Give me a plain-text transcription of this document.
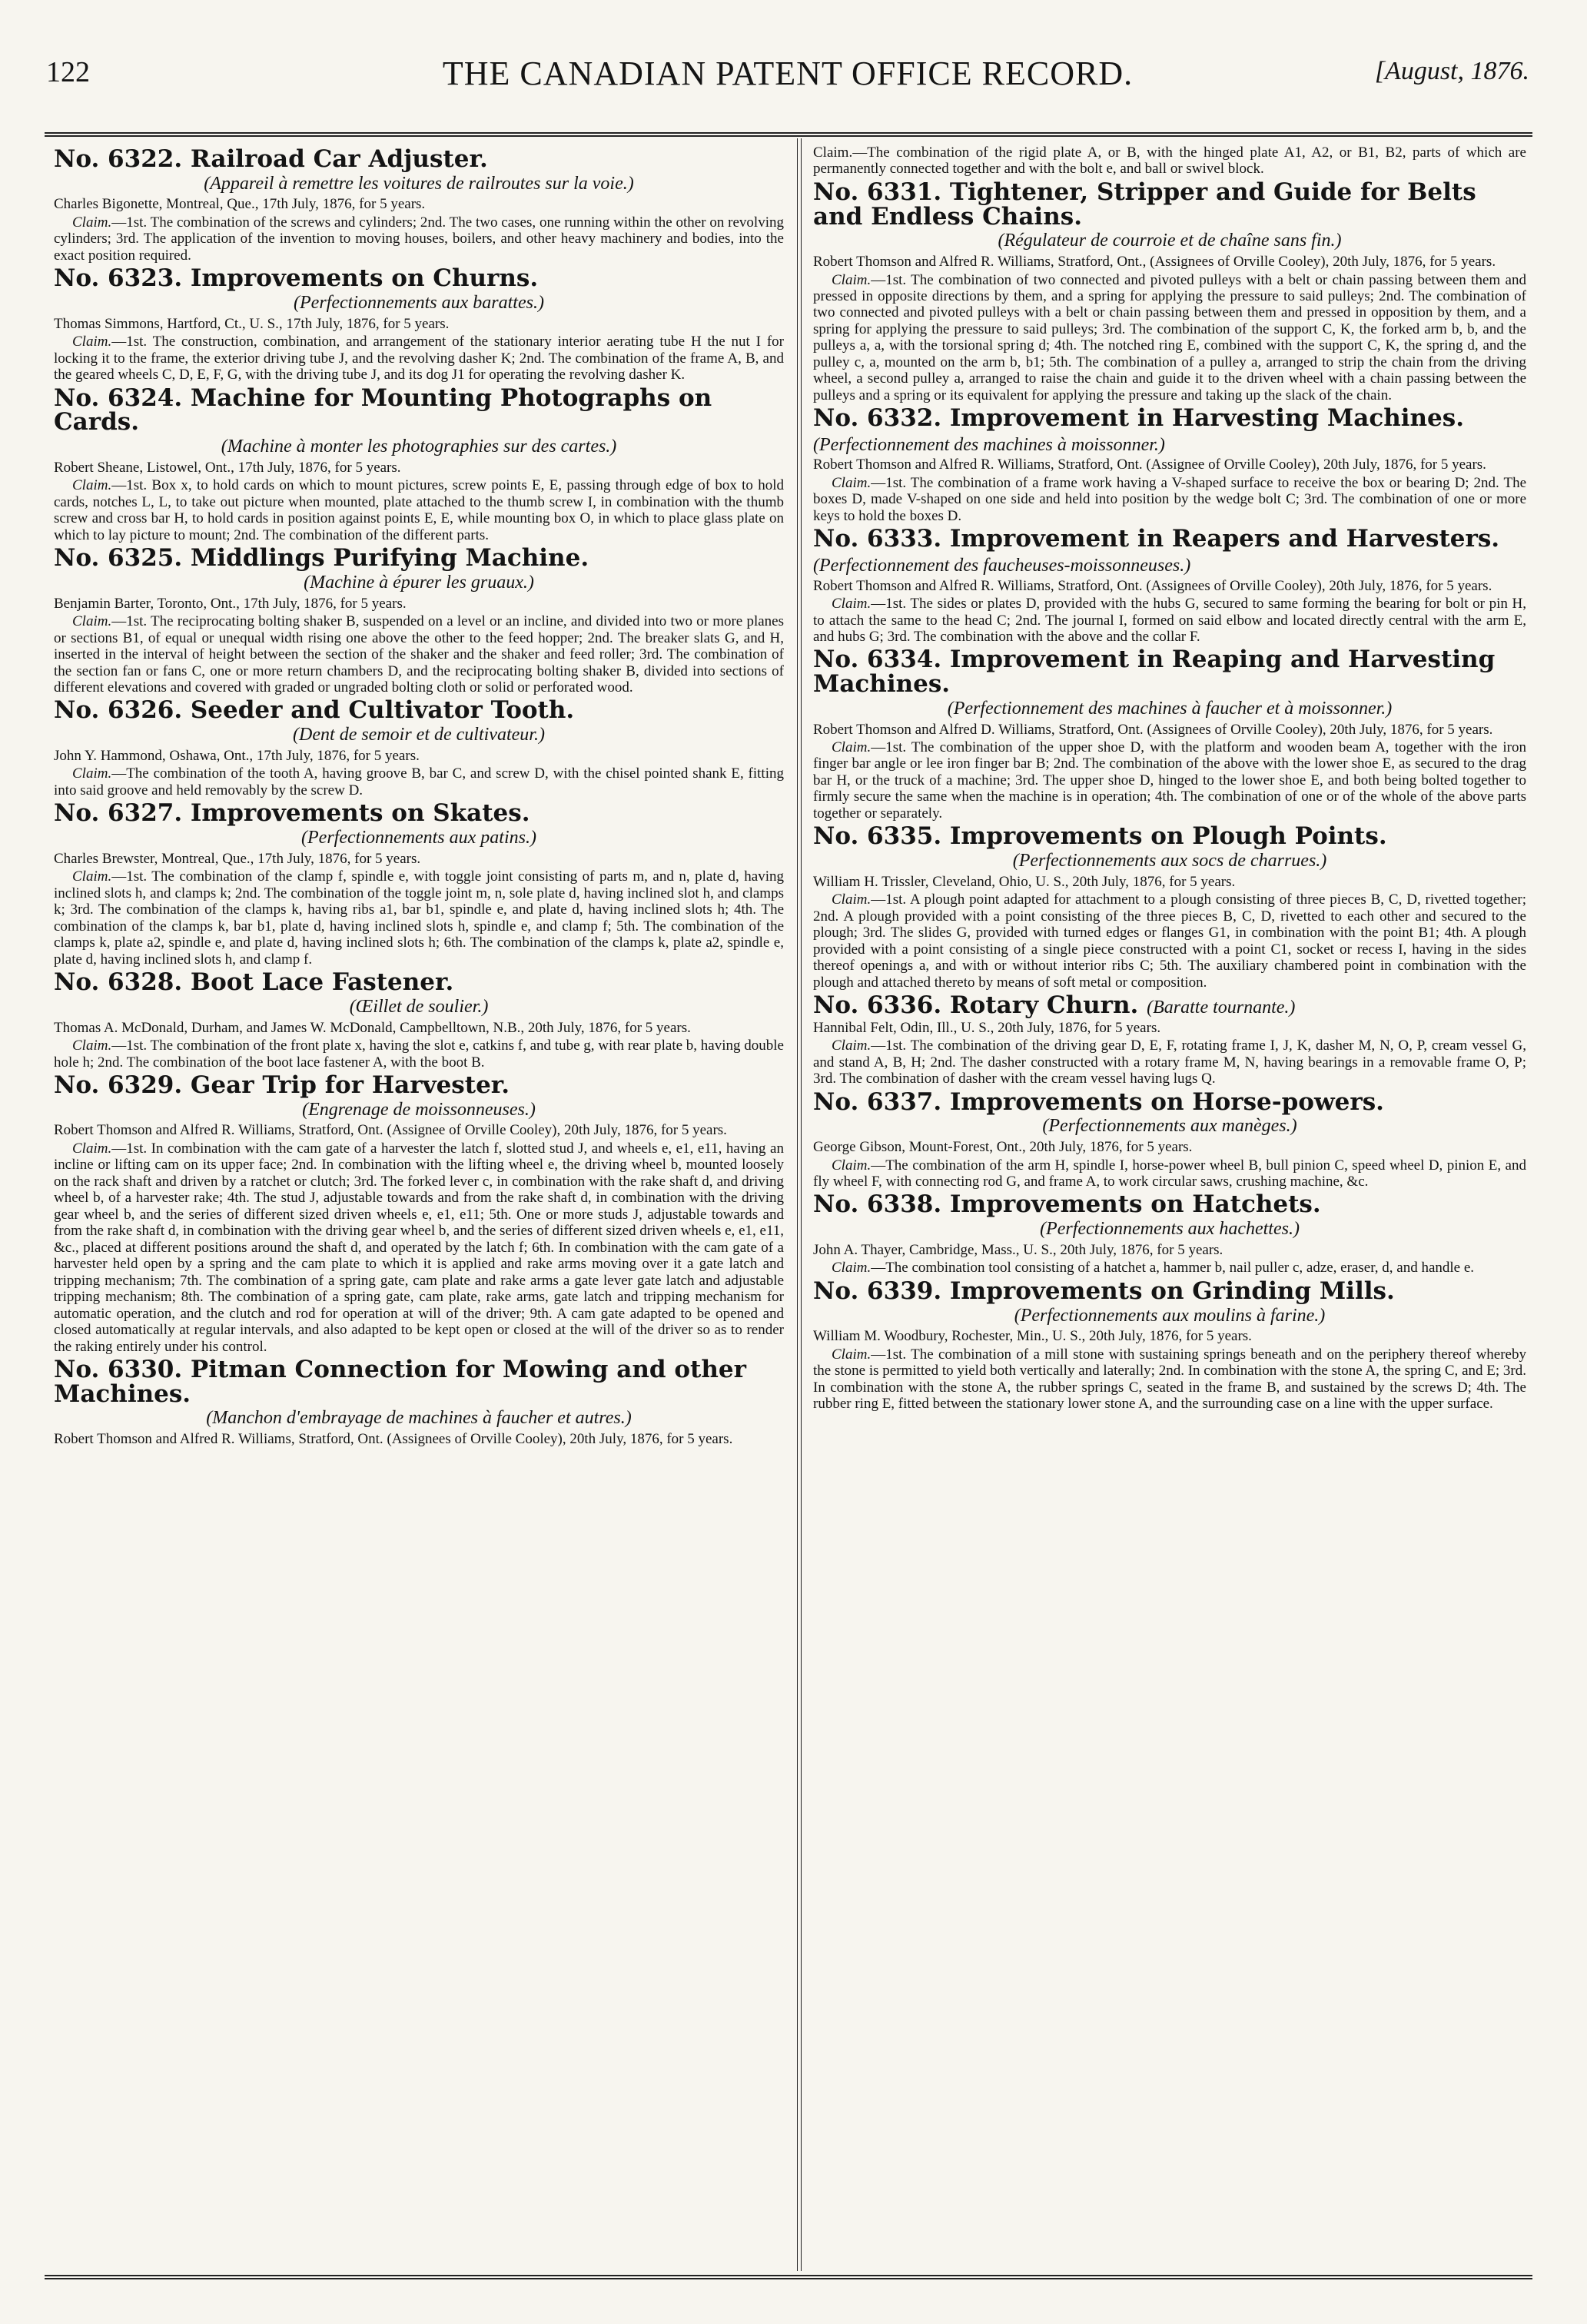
122	THE CANADIAN PATENT OFFICE RECORD.	[August, 1876.
No. 6322. Railroad Car Adjuster.
(Appareil à remettre les voitures de railroutes sur la voie.)

Charles Bigonette, Montreal, Que., 17th July, 1876, for 5 years.

Claim.—1st. The combination of the screws and cylinders; 2nd. The two cases, one running within the other on revolving cylinders; 3rd. The application of the invention to moving houses, boilers, and other heavy machinery and bodies, into the exact position required.

No. 6323. Improvements on Churns.
(Perfectionnements aux barattes.)

Thomas Simmons, Hartford, Ct., U. S., 17th July, 1876, for 5 years.

Claim.—1st. The construction, combination, and arrangement of the stationary interior aerating tube H the nut I for locking it to the frame, the exterior driving tube J, and the revolving dasher K; 2nd. The combination of the frame A, B, and the geared wheels C, D, E, F, G, with the driving tube J, and its dog J1 for operating the revolving dasher K.

No. 6324. Machine for Mounting Photographs on Cards.
(Machine à monter les photographies sur des cartes.)

Robert Sheane, Listowel, Ont., 17th July, 1876, for 5 years.

Claim.—1st. Box x, to hold cards on which to mount pictures, screw points E, E, passing through edge of box to hold cards, notches L, L, to take out picture when mounted, plate attached to the thumb screw I, in combination with the thumb screw and cross bar H, to hold cards in position against points E, E, while mounting box O, in which to place glass plate on which to lay picture to mount; 2nd. The combination of the different parts.

No. 6325. Middlings Purifying Machine.
(Machine à épurer les gruaux.)

Benjamin Barter, Toronto, Ont., 17th July, 1876, for 5 years.

Claim.—1st. The reciprocating bolting shaker B, suspended on a level or an incline, and divided into two or more planes or sections B1, of equal or unequal width rising one above the other to the feed hopper; 2nd. The breaker slats G, and H, inserted in the interval of height between the section of the shaker and the shaker and feed roller; 3rd. The combination of the section fan or fans C, one or more return chambers D, and the reciprocating bolting shaker B, divided into sections of different elevations and covered with graded or ungraded bolting cloth or solid or perforated wood.

No. 6326. Seeder and Cultivator Tooth.
(Dent de semoir et de cultivateur.)

John Y. Hammond, Oshawa, Ont., 17th July, 1876, for 5 years.

Claim.—The combination of the tooth A, having groove B, bar C, and screw D, with the chisel pointed shank E, fitting into said groove and held removably by the screw D.

No. 6327. Improvements on Skates.
(Perfectionnements aux patins.)

Charles Brewster, Montreal, Que., 17th July, 1876, for 5 years.

Claim.—1st. The combination of the clamp f, spindle e, with toggle joint consisting of parts m, and n, plate d, having inclined slots h, and clamps k; 2nd. The combination of the toggle joint m, n, sole plate d, having inclined slot h, and clamps k; 3rd. The combination of the clamps k, having ribs a1, bar b1, spindle e, and plate d, having inclined slots h; 4th. The combination of the clamps k, bar b1, plate d, having inclined slots h, spindle e, and clamp f; 5th. The combination of the clamps k, plate a2, spindle e, and plate d, having inclined slots h; 6th. The combination of the clamps k, plate a2, spindle e, plate d, having inclined slots h, and clamp f.

No. 6328. Boot Lace Fastener.
(Œillet de soulier.)

Thomas A. McDonald, Durham, and James W. McDonald, Campbelltown, N.B., 20th July, 1876, for 5 years.

Claim.—1st. The combination of the front plate x, having the slot e, catkins f, and tube g, with rear plate b, having double hole h; 2nd. The combination of the boot lace fastener A, with the boot B.

No. 6329. Gear Trip for Harvester.
(Engrenage de moissonneuses.)

Robert Thomson and Alfred R. Williams, Stratford, Ont. (Assignee of Orville Cooley), 20th July, 1876, for 5 years.

Claim.—1st. In combination with the cam gate of a harvester the latch f, slotted stud J, and wheels e, e1, e11, having an incline or lifting cam on its upper face; 2nd. In combination with the lifting wheel e, the driving wheel b, mounted loosely on the rack shaft and driven by a ratchet or clutch; 3rd. The forked lever c, in combination with the rake shaft d, and driving wheel b, of a harvester rake; 4th. The stud J, adjustable towards and from the rake shaft d, in combination with the driving gear wheel b, and the series of different sized driven wheels e, e1, e11; 5th. One or more studs J, adjustable towards and from the rake shaft d, in combination with the driving gear wheel b, and the series of different sized driven wheels e, e1, e11, &c., placed at different positions around the shaft d, and operated by the latch f; 6th. In combination with the cam gate of a harvester held open by a spring and the cam plate to which it is applied and rake arms moving over it a gate latch and tripping mechanism; 7th. The combination of a spring gate, cam plate and rake arms a gate lever gate latch and adjustable tripping mechanism; 8th. The combination of a spring gate, cam plate, rake arms, gate latch and tripping mechanism for automatic operation, and the clutch and rod for operation at will of the driver; 9th. A cam gate adapted to be opened and closed automatically at regular intervals, and also adapted to be kept open or closed at the will of the driver so as to render the raking entirely under his control.

No. 6330. Pitman Connection for Mowing and other Machines.
(Manchon d'embrayage de machines à faucher et autres.)

Robert Thomson and Alfred R. Williams, Stratford, Ont. (Assignees of Orville Cooley), 20th July, 1876, for 5 years.

Claim.—The combination of the rigid plate A, or B, with the hinged plate A1, A2, or B1, B2, parts of which are permanently connected together and with the bolt e, and ball or swivel block.

No. 6331. Tightener, Stripper and Guide for Belts and Endless Chains.
(Régulateur de courroie et de chaîne sans fin.)

Robert Thomson and Alfred R. Williams, Stratford, Ont., (Assignees of Orville Cooley), 20th July, 1876, for 5 years.

Claim.—1st. The combination of two connected and pivoted pulleys with a belt or chain passing between them and pressed in opposite directions by them, and a spring for applying the pressure to said pulleys; 2nd. The combination of two connected and pivoted pulleys with a belt or chain passing between them and pressed in opposition by them, and a spring for applying the pressure to said pulleys; 3rd. The combination of the support C, K, the forked arm b, b, and the pulleys a, a, with the torsional spring d; 4th. The notched ring E, combined with the support C, K, the spring d, and the pulley c, a, mounted on the arm b, b1; 5th. The combination of a pulley a, arranged to strip the chain from the driving wheel, a second pulley a, arranged to raise the chain and guide it to the driven wheel with a chain passing between the pulleys and a spring or its equivalent for applying the pressure and taking up the slack of the chain.

No. 6332. Improvement in Harvesting Machines. (Perfectionnement des machines à moissonner.)

Robert Thomson and Alfred R. Williams, Stratford, Ont. (Assignee of Orville Cooley), 20th July, 1876, for 5 years.

Claim.—1st. The combination of a frame work having a V-shaped surface to receive the box or bearing D; 2nd. The boxes D, made V-shaped on one side and held into position by the wedge bolt C; 3rd. The combination of one or more keys to hold the boxes D.

No. 6333. Improvement in Reapers and Harvesters. (Perfectionnement des faucheuses-moissonneuses.)

Robert Thomson and Alfred R. Williams, Stratford, Ont. (Assignees of Orville Cooley), 20th July, 1876, for 5 years.

Claim.—1st. The sides or plates D, provided with the hubs G, secured to same forming the bearing for bolt or pin H, to attach the same to the head C; 2nd. The journal I, formed on said elbow and located directly central with the arm E, and hubs G; 3rd. The combination with the above and the collar F.

No. 6334. Improvement in Reaping and Harvesting Machines.
(Perfectionnement des machines à faucher et à moissonner.)

Robert Thomson and Alfred D. Williams, Stratford, Ont. (Assignees of Orville Cooley), 20th July, 1876, for 5 years.

Claim.—1st. The combination of the upper shoe D, with the platform and wooden beam A, together with the iron finger bar angle or lee iron finger bar B; 2nd. The combination of the above with the lower shoe E, as secured to the drag bar H, or the truck of a machine; 3rd. The upper shoe D, hinged to the lower shoe E, and both being bolted together to firmly secure the same when the machine is in operation; 4th. The combination of one or of the whole of the above parts together or separately.

No. 6335. Improvements on Plough Points.
(Perfectionnements aux socs de charrues.)

William H. Trissler, Cleveland, Ohio, U. S., 20th July, 1876, for 5 years.

Claim.—1st. A plough point adapted for attachment to a plough consisting of three pieces B, C, D, rivetted together; 2nd. A plough provided with a point consisting of the three pieces B, C, D, rivetted to each other and secured to the plough; 3rd. The slides G, provided with turned edges or flanges G1, in combination with the point B1; 4th. A plough provided with a point consisting of a single piece constructed with a point C1, socket or recess I, having in the sides thereof openings a, and with or without interior ribs C; 5th. The auxiliary chambered point in combination with the plough and attached thereto by means of soft metal or composition.

No. 6336. Rotary Churn. (Baratte tournante.)

Hannibal Felt, Odin, Ill., U. S., 20th July, 1876, for 5 years.

Claim.—1st. The combination of the driving gear D, E, F, rotating frame I, J, K, dasher M, N, O, P, cream vessel G, and stand A, B, H; 2nd. The dasher constructed with a rotary frame M, N, having bearings in a removable frame O, P; 3rd. The combination of dasher with the cream vessel having lugs Q.

No. 6337. Improvements on Horse-powers.
(Perfectionnements aux manèges.)

George Gibson, Mount-Forest, Ont., 20th July, 1876, for 5 years.

Claim.—The combination of the arm H, spindle I, horse-power wheel B, bull pinion C, speed wheel D, pinion E, and fly wheel F, with connecting rod G, and frame A, to work circular saws, crushing machine, &c.

No. 6338. Improvements on Hatchets.
(Perfectionnements aux hachettes.)

John A. Thayer, Cambridge, Mass., U. S., 20th July, 1876, for 5 years.

Claim.—The combination tool consisting of a hatchet a, hammer b, nail puller c, adze, eraser, d, and handle e.

No. 6339. Improvements on Grinding Mills.
(Perfectionnements aux moulins à farine.)

William M. Woodbury, Rochester, Min., U. S., 20th July, 1876, for 5 years.

Claim.—1st. The combination of a mill stone with sustaining springs beneath and on the periphery thereof whereby the stone is permitted to yield both vertically and laterally; 2nd. In combination with the stone A, the spring C, and E; 3rd. In combination with the stone A, the rubber springs C, seated in the frame B, and sustained by the screws D; 4th. The rubber ring E, fitted between the stationary lower stone A, and the surrounding case on a line with the upper surface.
